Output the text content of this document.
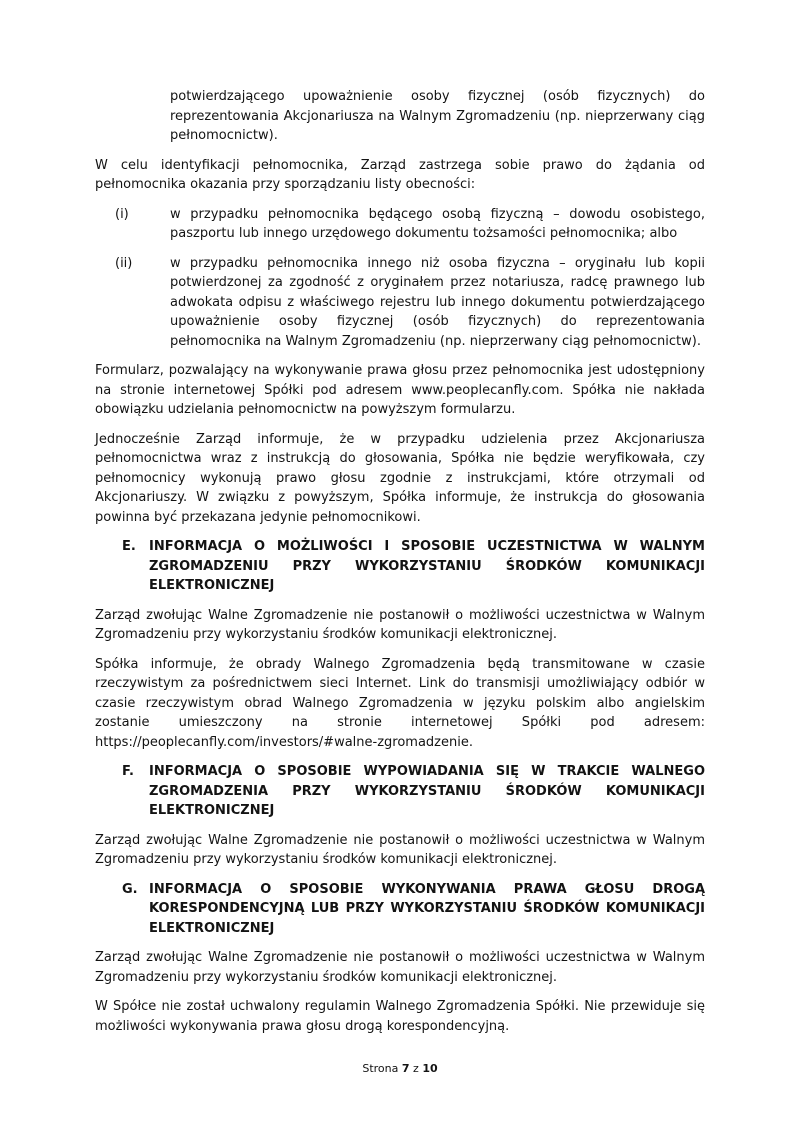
potwierdzającego upoważnienie osoby fizycznej (osób fizycznych) do reprezentowania Akcjonariusza na Walnym Zgromadzeniu (np. nieprzerwany ciąg pełnomocnictw).

W celu identyfikacji pełnomocnika, Zarząd zastrzega sobie prawo do żądania od pełnomocnika okazania przy sporządzaniu listy obecności:

(i)	w przypadku pełnomocnika będącego osobą fizyczną – dowodu osobistego, paszportu lub innego urzędowego dokumentu tożsamości pełnomocnika; albo
(ii)	w przypadku pełnomocnika innego niż osoba fizyczna – oryginału lub kopii potwierdzonej za zgodność z oryginałem przez notariusza, radcę prawnego lub adwokata odpisu z właściwego rejestru lub innego dokumentu potwierdzającego upoważnienie osoby fizycznej (osób fizycznych) do reprezentowania pełnomocnika na Walnym Zgromadzeniu (np. nieprzerwany ciąg pełnomocnictw).

Formularz, pozwalający na wykonywanie prawa głosu przez pełnomocnika jest udostępniony na stronie internetowej Spółki pod adresem www.peoplecanfly.com. Spółka nie nakłada obowiązku udzielania pełnomocnictw na powyższym formularzu.

Jednocześnie Zarząd informuje, że w przypadku udzielenia przez Akcjonariusza pełnomocnictwa wraz z instrukcją do głosowania, Spółka nie będzie weryfikowała, czy pełnomocnicy wykonują prawo głosu zgodnie z instrukcjami, które otrzymali od Akcjonariuszy. W związku z powyższym, Spółka informuje, że instrukcja do głosowania powinna być przekazana jedynie pełnomocnikowi.

E.	INFORMACJA O MOŻLIWOŚCI I SPOSOBIE UCZESTNICTWA W WALNYM ZGROMADZENIU PRZY WYKORZYSTANIU ŚRODKÓW KOMUNIKACJI ELEKTRONICZNEJ

Zarząd zwołując Walne Zgromadzenie nie postanowił o możliwości uczestnictwa w Walnym Zgromadzeniu przy wykorzystaniu środków komunikacji elektronicznej.

Spółka informuje, że obrady Walnego Zgromadzenia będą transmitowane w czasie rzeczywistym za pośrednictwem sieci Internet. Link do transmisji umożliwiający odbiór w czasie rzeczywistym obrad Walnego Zgromadzenia w języku polskim albo angielskim zostanie umieszczony na stronie internetowej Spółki pod adresem: https://peoplecanfly.com/investors/#walne-zgromadzenie.

F.	INFORMACJA O SPOSOBIE WYPOWIADANIA SIĘ W TRAKCIE WALNEGO ZGROMADZENIA PRZY WYKORZYSTANIU ŚRODKÓW KOMUNIKACJI ELEKTRONICZNEJ

Zarząd zwołując Walne Zgromadzenie nie postanowił o możliwości uczestnictwa w Walnym Zgromadzeniu przy wykorzystaniu środków komunikacji elektronicznej.

G. INFORMACJA O SPOSOBIE WYKONYWANIA PRAWA GŁOSU DROGĄ KORESPONDENCYJNĄ LUB PRZY WYKORZYSTANIU ŚRODKÓW KOMUNIKACJI ELEKTRONICZNEJ

Zarząd zwołując Walne Zgromadzenie nie postanowił o możliwości uczestnictwa w Walnym Zgromadzeniu przy wykorzystaniu środków komunikacji elektronicznej.

W Spółce nie został uchwalony regulamin Walnego Zgromadzenia Spółki. Nie przewiduje się możliwości wykonywania prawa głosu drogą korespondencyjną.

Strona 7 z 10
